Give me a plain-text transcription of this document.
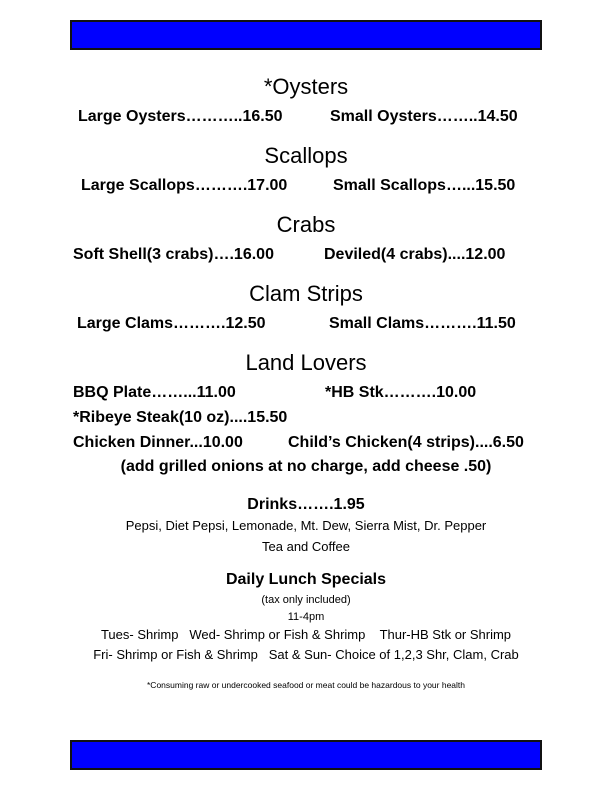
*Oysters
Large Oysters………..16.50	Small Oysters……..14.50
Scallops
Large Scallops……….17.00	Small Scallops…...15.50
Crabs
Soft Shell(3 crabs)….16.00	Deviled(4 crabs)....12.00
Clam Strips
Large Clams……….12.50	Small Clams……….11.50
Land Lovers
BBQ Plate……...11.00	*HB Stk……….10.00
*Ribeye Steak(10 oz)....15.50
Chicken Dinner...10.00	Child’s Chicken(4 strips)....6.50
(add grilled onions at no charge, add cheese .50)
Drinks…….1.95
Pepsi, Diet Pepsi, Lemonade, Mt. Dew, Sierra Mist, Dr. Pepper
Tea and Coffee
Daily Lunch Specials
(tax only included)
11-4pm
Tues- Shrimp   Wed- Shrimp or Fish & Shrimp    Thur-HB Stk or Shrimp
Fri- Shrimp or Fish & Shrimp   Sat & Sun- Choice of 1,2,3 Shr, Clam, Crab
*Consuming raw or undercooked seafood or meat could be hazardous to your health
